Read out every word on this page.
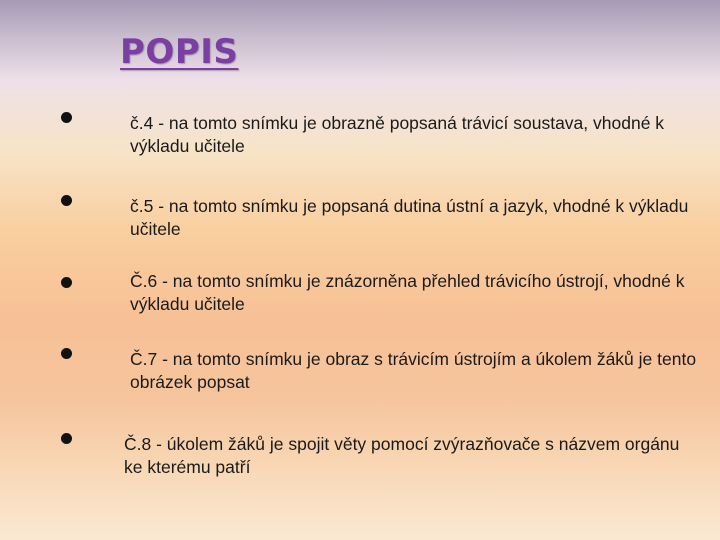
POPIS

č.4 - na tomto snímku je obrazně popsaná trávicí soustava, vhodné k výkladu učitele

č.5 - na tomto snímku je popsaná dutina ústní a jazyk, vhodné k výkladu učitele

Č.6 - na tomto snímku je znázorněna přehled trávicího ústrojí, vhodné k výkladu učitele

Č.7 - na tomto snímku je obraz s trávicím ústrojím a úkolem žáků je tento obrázek popsat

Č.8 - úkolem žáků je spojit věty pomocí zvýrazňovače s názvem orgánu ke kterému patří
